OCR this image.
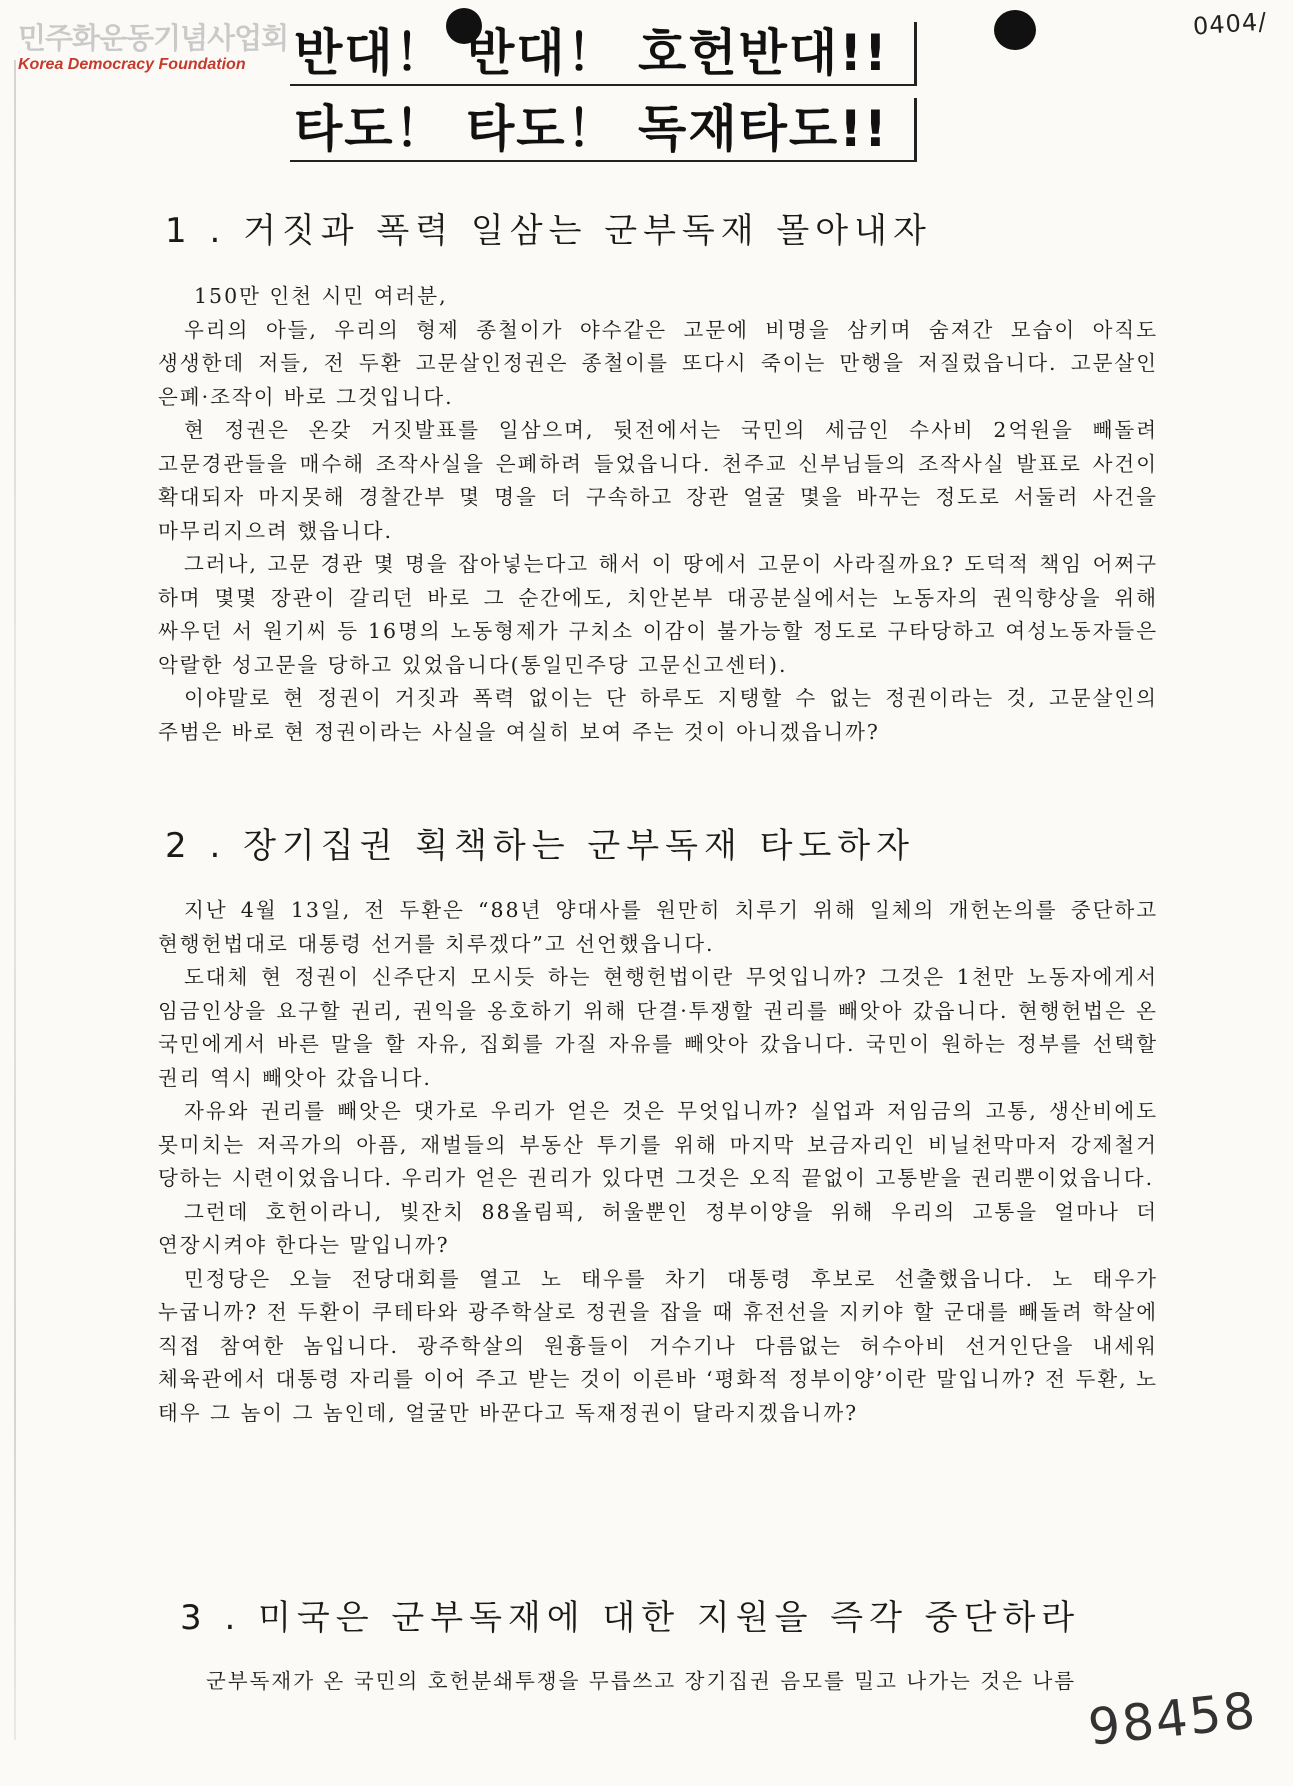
민주화운동기념사업회
Korea Democracy Foundation
0404/
반대！ 반대！ 호헌반대!!
타도！ 타도！ 독재타도!!
1 . 거짓과 폭력 일삼는 군부독재 몰아내자

150만 인천 시민 여러분,

우리의 아들, 우리의 형제 종철이가 야수같은 고문에 비명을 삼키며 숨져간 모습이 아직도 생생한데 저들, 전 두환 고문살인정권은 종철이를 또다시 죽이는 만행을 저질렀읍니다. 고문살인 은폐·조작이 바로 그것입니다.

현 정권은 온갖 거짓발표를 일삼으며, 뒷전에서는 국민의 세금인 수사비 2억원을 빼돌려 고문경관들을 매수해 조작사실을 은폐하려 들었읍니다. 천주교 신부님들의 조작사실 발표로 사건이 확대되자 마지못해 경찰간부 몇 명을 더 구속하고 장관 얼굴 몇을 바꾸는 정도로 서둘러 사건을 마무리지으려 했읍니다.

그러나, 고문 경관 몇 명을 잡아넣는다고 해서 이 땅에서 고문이 사라질까요? 도덕적 책임 어쩌구 하며 몇몇 장관이 갈리던 바로 그 순간에도, 치안본부 대공분실에서는 노동자의 권익향상을 위해 싸우던 서 원기씨 등 16명의 노동형제가 구치소 이감이 불가능할 정도로 구타당하고 여성노동자들은 악랄한 성고문을 당하고 있었읍니다(통일민주당 고문신고센터).

이야말로 현 정권이 거짓과 폭력 없이는 단 하루도 지탱할 수 없는 정권이라는 것, 고문살인의 주범은 바로 현 정권이라는 사실을 여실히 보여 주는 것이 아니겠읍니까?

2 . 장기집권 획책하는 군부독재 타도하자

지난 4월 13일, 전 두환은 “88년 양대사를 원만히 치루기 위해 일체의 개헌논의를 중단하고 현행헌법대로 대통령 선거를 치루겠다”고 선언했읍니다.

도대체 현 정권이 신주단지 모시듯 하는 현행헌법이란 무엇입니까? 그것은 1천만 노동자에게서 임금인상을 요구할 권리, 권익을 옹호하기 위해 단결·투쟁할 권리를 빼앗아 갔읍니다. 현행헌법은 온 국민에게서 바른 말을 할 자유, 집회를 가질 자유를 빼앗아 갔읍니다. 국민이 원하는 정부를 선택할 권리 역시 빼앗아 갔읍니다.

자유와 권리를 빼앗은 댓가로 우리가 얻은 것은 무엇입니까? 실업과 저임금의 고통, 생산비에도 못미치는 저곡가의 아픔, 재벌들의 부동산 투기를 위해 마지막 보금자리인 비닐천막마저 강제철거 당하는 시련이었읍니다. 우리가 얻은 권리가 있다면 그것은 오직 끝없이 고통받을 권리뿐이었읍니다.

그런데 호헌이라니, 빛잔치 88올림픽, 허울뿐인 정부이양을 위해 우리의 고통을 얼마나 더 연장시켜야 한다는 말입니까?

민정당은 오늘 전당대회를 열고 노 태우를 차기 대통령 후보로 선출했읍니다. 노 태우가 누굽니까? 전 두환이 쿠테타와 광주학살로 정권을 잡을 때 휴전선을 지키야 할 군대를 빼돌려 학살에 직접 참여한 놈입니다. 광주학살의 원흉들이 거수기나 다름없는 허수아비 선거인단을 내세워 체육관에서 대통령 자리를 이어 주고 받는 것이 이른바 ‘평화적 정부이양’이란 말입니까? 전 두환, 노 태우 그 놈이 그 놈인데, 얼굴만 바꾼다고 독재정권이 달라지겠읍니까?

3 . 미국은 군부독재에 대한 지원을 즉각 중단하라

군부독재가 온 국민의 호헌분쇄투쟁을 무릅쓰고 장기집권 음모를 밀고 나가는 것은 나름

98458
